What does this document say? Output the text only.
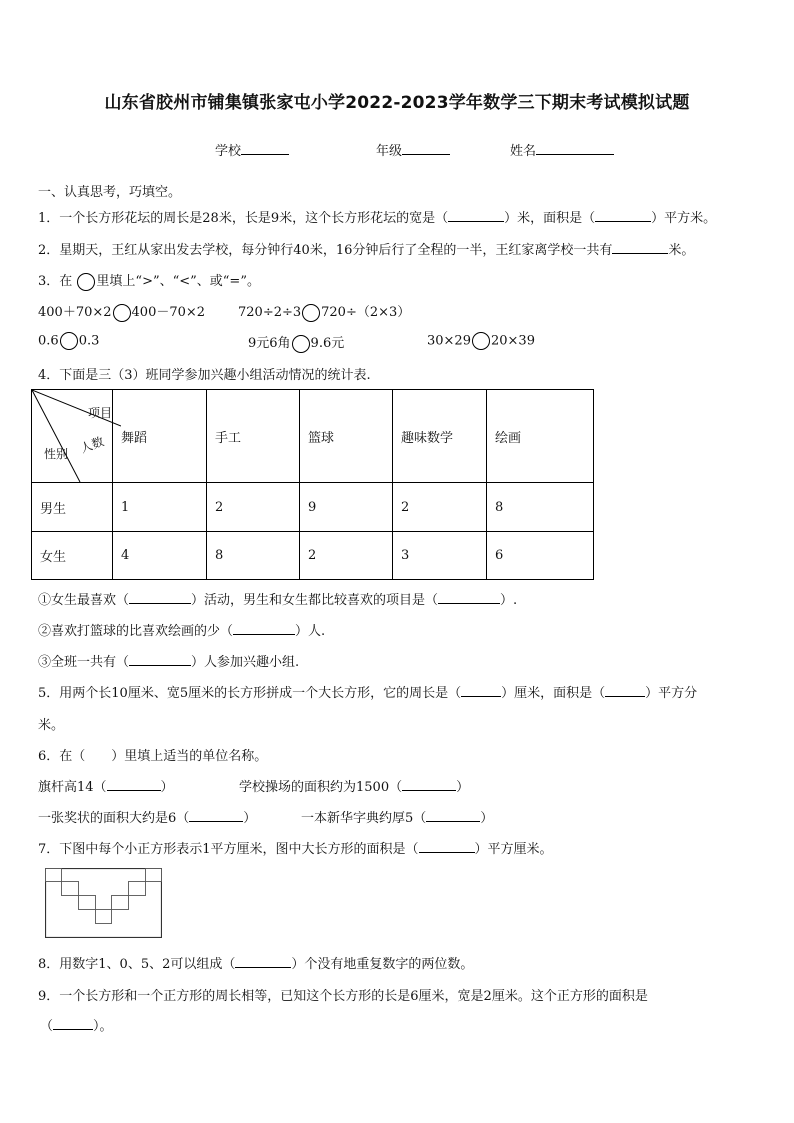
山东省胶州市铺集镇张家屯小学2022-2023学年数学三下期末考试模拟试题
学校	年级	姓名
一、认真思考，巧填空。
1．一个长方形花坛的周长是28米，长是9米，这个长方形花坛的宽是（	）米，面积是（	）平方米。
2．星期天，王红从家出发去学校，每分钟行40米，16分钟后行了全程的一半，王红家离学校一共有	米。
3．在 里填上“>”、“<”、或“=”。
400＋70×2 400－70×2	720÷2÷3 720÷（2×3）
0.6 0.3	9元6角 9.6元	30×29 20×39
4．下面是三（3）班同学参加兴趣小组活动情况的统计表.
项目
人数
性别	舞蹈	手工	篮球	趣味数学	绘画
男生	1	2	9	2	8
女生	4	8	2	3	6
①女生最喜欢（	）活动，男生和女生都比较喜欢的项目是（	）.
②喜欢打篮球的比喜欢绘画的少（	）人.
③全班一共有（	）人参加兴趣小组.
5．用两个长10厘米、宽5厘米的长方形拼成一个大长方形，它的周长是（	）厘米，面积是（	）平方分
米。
6．在（　　）里填上适当的单位名称。
旗杆高14（	）	学校操场的面积约为1500（	）
一张奖状的面积大约是6（	）	一本新华字典约厚5（	）
7．下图中每个小正方形表示1平方厘米，图中大长方形的面积是（	）平方厘米。
8．用数字1、0、5、2可以组成（	）个没有地重复数字的两位数。
9．一个长方形和一个正方形的周长相等，已知这个长方形的长是6厘米，宽是2厘米。这个正方形的面积是
（	）。
